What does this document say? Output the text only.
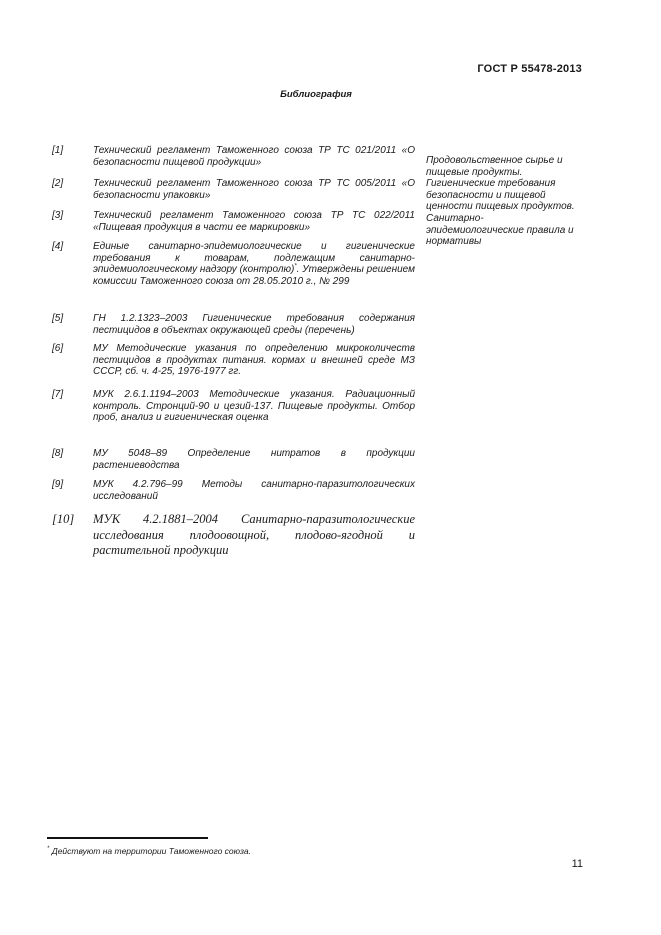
ГОСТ Р 55478-2013
Библиография
[1]	Технический регламент Таможенного союза ТР ТС 021/2011 «О безопасности пищевой продукции»
[2]	Технический регламент Таможенного союза ТР ТС 005/2011 «О безопасности упаковки»
[3]	Технический регламент Таможенного союза ТР ТС 022/2011 «Пищевая продукция в части ее маркировки»
[4]	Единые санитарно-эпидемиологические и гигиенические требования к товарам, подлежащим санитарно-эпидемиологическому надзору (контролю)*. Утверждены решением комиссии Таможенного союза от 28.05.2010 г., № 299
[5]	ГН 1.2.1323–2003 Гигиенические требования содержания пестицидов в объектах окружающей среды (перечень)
[6]	МУ Методические указания по определению микроколичеств пестицидов в продуктах питания. кормах и внешней среде МЗ СССР, сб. ч. 4-25, 1976-1977 гг.
[7]	МУК 2.6.1.1194–2003 Методические указания. Радиационный контроль. Стронций-90 и цезий-137. Пищевые продукты. Отбор проб, анализ и гигиеническая оценка
[8]	МУ 5048–89 Определение нитратов в продукции растениеводства
[9]	МУК 4.2.796–99 Методы санитарно-паразитологических исследований
[10] МУК 4.2.1881–2004 Санитарно-паразитологические исследования плодоовощной, плодово-ягодной и растительной продукции
Продовольственное сырье и пищевые продукты. Гигиенические требования безопасности и пищевой ценности пищевых продуктов. Санитарно-эпидемиологические правила и нормативы
* Действуют на территории Таможенного союза.
11
